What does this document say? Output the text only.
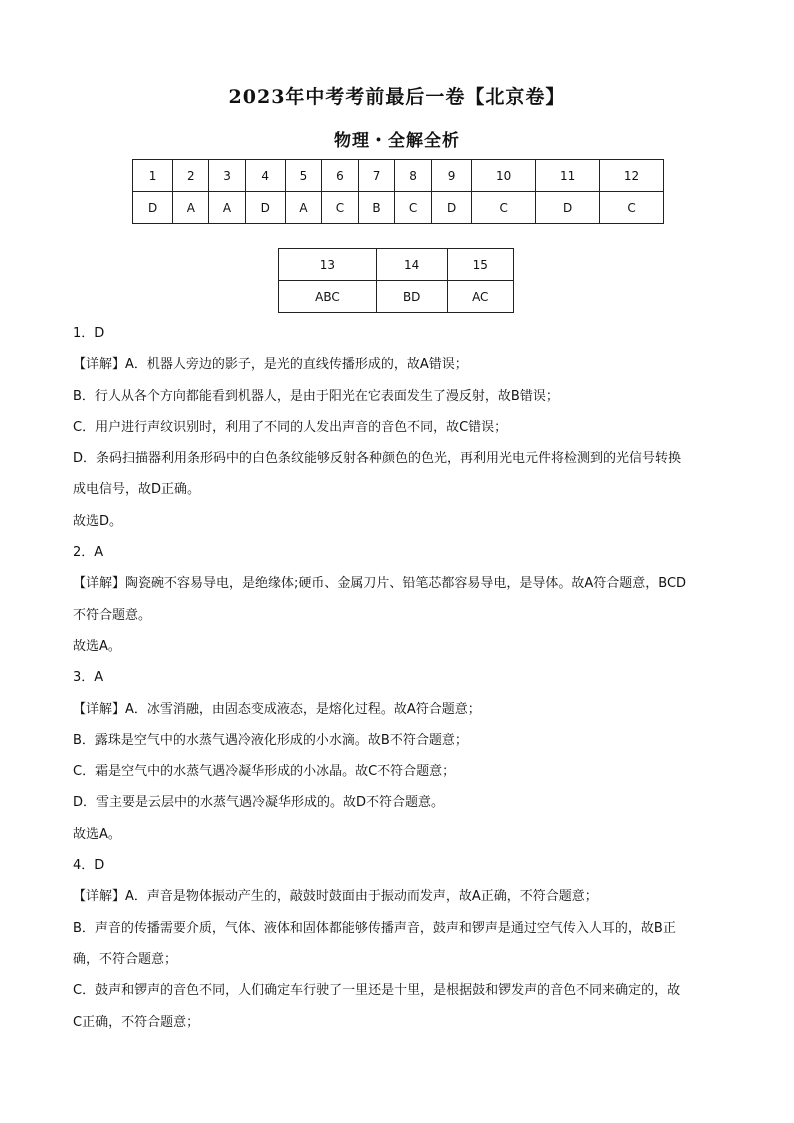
2023年中考考前最后一卷【北京卷】
物理・全解全析
1	2	3	4	5	6	7	8	9	10	11	12
D	A	A	D	A	C	B	C	D	C	D	C
13	14	15
ABC	BD	AC
1．D
【详解】A．机器人旁边的影子，是光的直线传播形成的，故A错误；
B．行人从各个方向都能看到机器人，是由于阳光在它表面发生了漫反射，故B错误；
C．用户进行声纹识别时，利用了不同的人发出声音的音色不同，故C错误；
D．条码扫描器利用条形码中的白色条纹能够反射各种颜色的色光，再利用光电元件将检测到的光信号转换
成电信号，故D正确。
故选D。
2．A
【详解】陶瓷碗不容易导电，是绝缘体;硬币、金属刀片、铅笔芯都容易导电，是导体。故A符合题意，BCD
不符合题意。
故选A。
3．A
【详解】A．冰雪消融，由固态变成液态，是熔化过程。故A符合题意；
B．露珠是空气中的水蒸气遇冷液化形成的小水滴。故B不符合题意；
C．霜是空气中的水蒸气遇冷凝华形成的小冰晶。故C不符合题意；
D．雪主要是云层中的水蒸气遇冷凝华形成的。故D不符合题意。
故选A。
4．D
【详解】A．声音是物体振动产生的，敲鼓时鼓面由于振动而发声，故A正确，不符合题意；
B．声音的传播需要介质，气体、液体和固体都能够传播声音，鼓声和锣声是通过空气传入人耳的，故B正
确，不符合题意；
C．鼓声和锣声的音色不同，人们确定车行驶了一里还是十里，是根据鼓和锣发声的音色不同来确定的，故
C正确，不符合题意；
